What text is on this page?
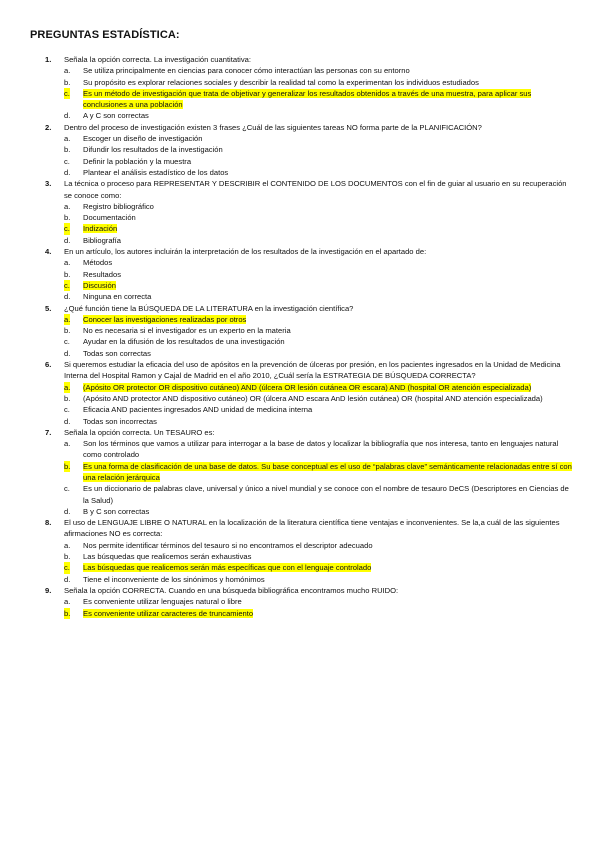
PREGUNTAS ESTADÍSTICA:
1. Señala la opción correcta. La investigación cuantitativa:
a. Se utiliza principalmente en ciencias para conocer cómo interactúan las personas con su entorno
b. Su propósito es explorar relaciones sociales y describir la realidad tal como la experimentan los individuos estudiados
c. Es un método de investigación que trata de objetivar y generalizar los resultados obtenidos a través de una muestra, para aplicar sus conclusiones a una población
d. A y C son correctas
2. Dentro del proceso de investigación existen 3 frases ¿Cuál de las siguientes tareas NO forma parte de la PLANIFICACIÓN?
a. Escoger un diseño de investigación
b. Difundir los resultados de la investigación
c. Definir la población y la muestra
d. Plantear el análisis estadístico de los datos
3. La técnica o proceso para REPRESENTAR Y DESCRIBIR el CONTENIDO DE LOS DOCUMENTOS con el fin de guiar al usuario en su recuperación se conoce como:
a. Registro bibliográfico
b. Documentación
c. Indización
d. Bibliografía
4. En un artículo, los autores incluirán la interpretación de los resultados de la investigación en el apartado de:
a. Métodos
b. Resultados
c. Discusión
d. Ninguna en correcta
5. ¿Qué función tiene la BÚSQUEDA DE LA LITERATURA en la investigación científica?
a. Conocer las investigaciones realizadas por otros
b. No es necesaria si el investigador es un experto en la materia
c. Ayudar en la difusión de los resultados de una investigación
d. Todas son correctas
6. Si queremos estudiar la eficacia del uso de apósitos en la prevención de úlceras por presión, en los pacientes ingresados en la Unidad de Medicina Interna del Hospital Ramon y Cajal de Madrid en el año 2010, ¿Cuál sería la ESTRATEGIA DE BÚSQUEDA CORRECTA?
a. (Apósito OR protector OR dispositivo cutáneo) AND (úlcera OR lesión cutánea OR escara) AND (hospital OR atención especializada)
b. (Apósito AND protector AND dispositivo cutáneo) OR (úlcera AND escara AnD lesión cutánea) OR (hospital AND atención especializada)
c. Eficacia AND pacientes ingresados AND unidad de medicina interna
d. Todas son incorrectas
7. Señala la opción correcta. Un TESAURO es:
a. Son los términos que vamos a utilizar para interrogar a la base de datos y localizar la bibliografía que nos interesa, tanto en lenguajes natural como controlado
b. Es una forma de clasificación de una base de datos. Su base conceptual es el uso de “palabras clave” semánticamente relacionadas entre sí con una relación jerárquica
c. Es un diccionario de palabras clave, universal y único a nivel mundial y se conoce con el nombre de tesauro DeCS (Descriptores en Ciencias de la Salud)
d. B y C son correctas
8. El uso de LENGUAJE LIBRE O NATURAL en la localización de la literatura científica tiene ventajas e inconvenientes. Se la,a cuál de las siguientes afirmaciones NO es correcta:
a. Nos permite identificar términos del tesauro si no encontramos el descriptor adecuado
b. Las búsquedas que realicemos serán exhaustivas
c. Las búsquedas que realicemos serán más específicas que con el lenguaje controlado
d. Tiene el inconveniente de los sinónimos y homónimos
9. Señala la opción CORRECTA. Cuando en una búsqueda bibliográfica encontramos mucho RUIDO:
a. Es conveniente utilizar lenguajes natural o libre
b. Es conveniente utilizar caracteres de truncamiento
